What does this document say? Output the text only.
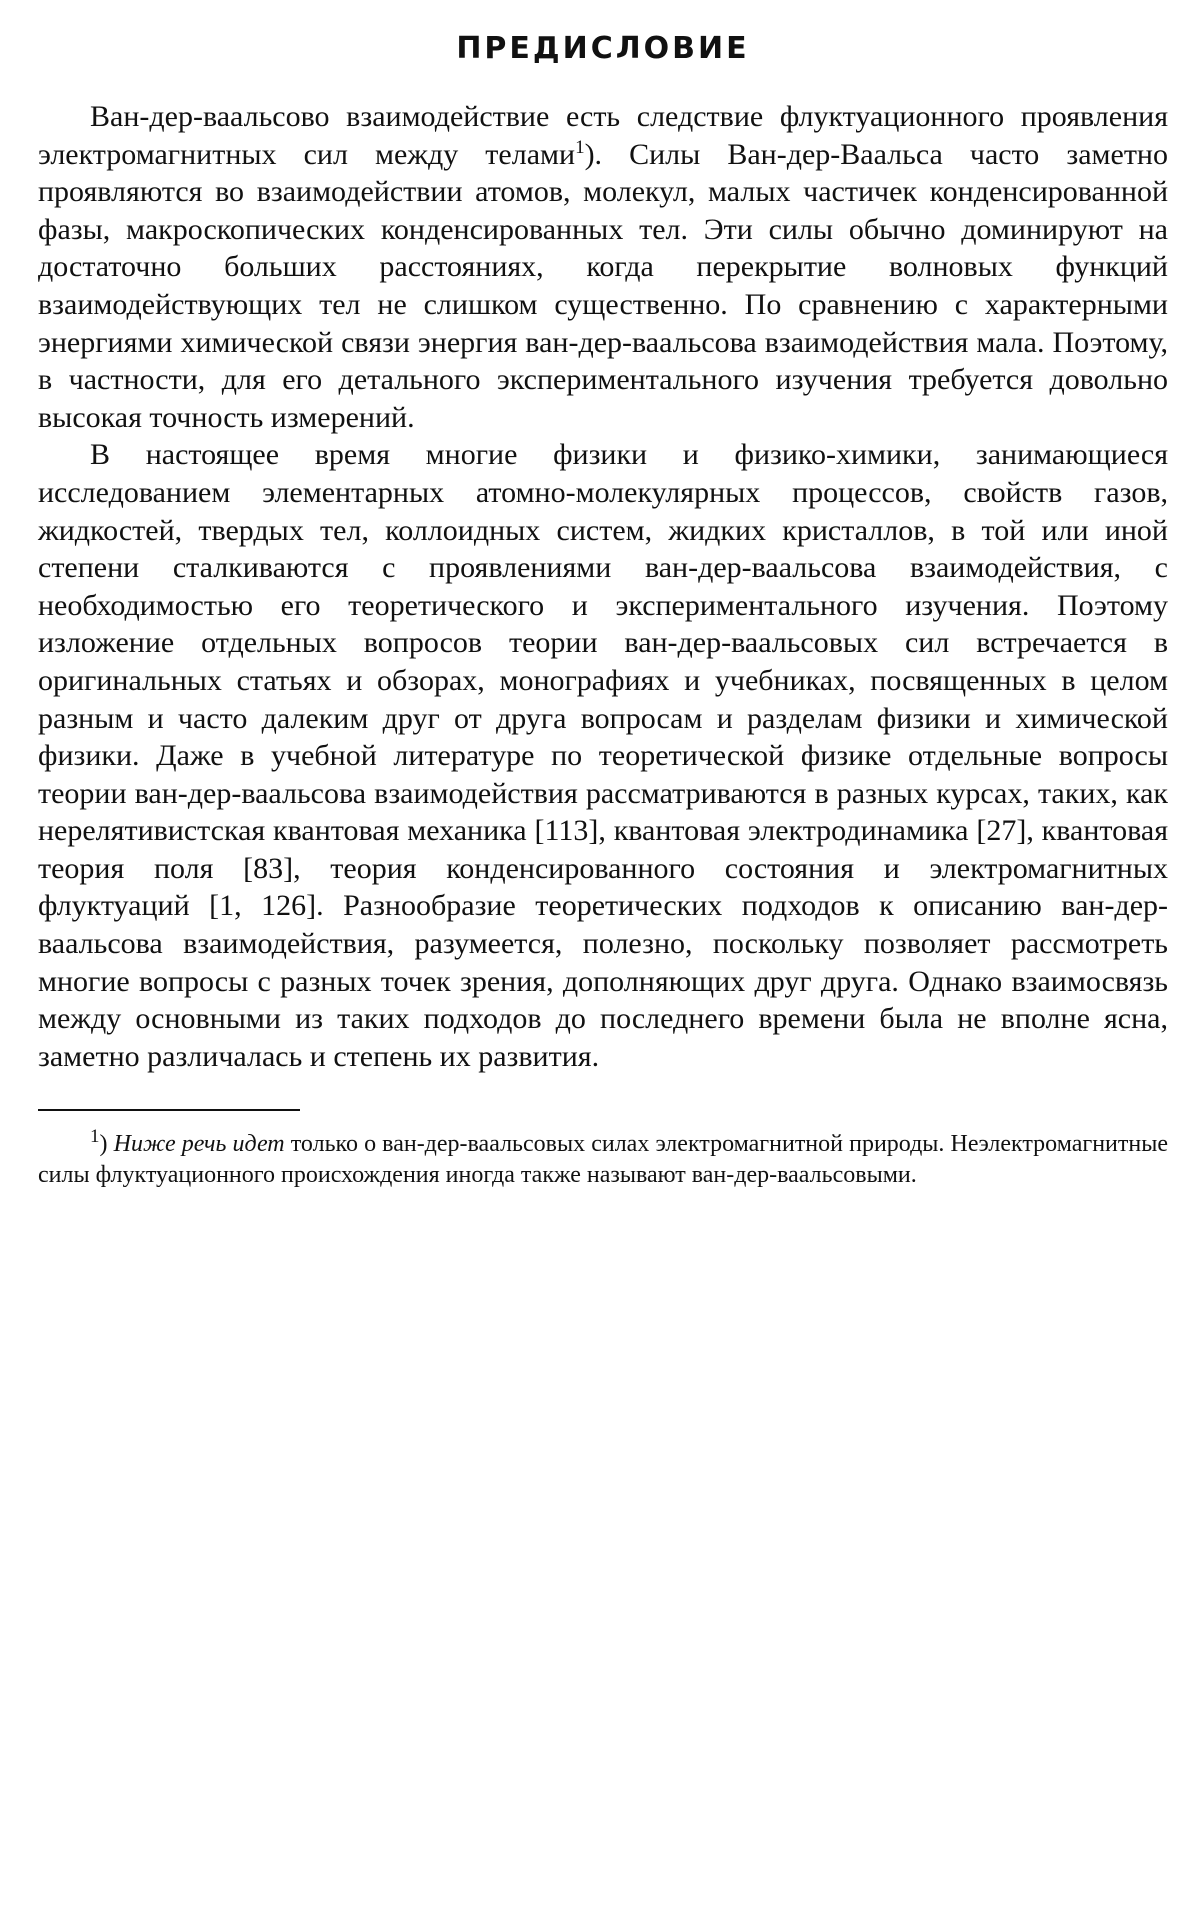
ПРЕДИСЛОВИЕ

Ван-дер-ваальсово взаимодействие есть следствие флуктуационного проявления электромагнитных сил между телами$^1$). Силы Ван-дер-Ваальса часто заметно проявляются во взаимодействии атомов, молекул, малых частичек конденсированной фазы, макроскопических конденсированных тел. Эти силы обычно доминируют на достаточно больших расстояниях, когда перекрытие волновых функций взаимодействующих тел не слишком существенно. По сравнению с характерными энергиями химической связи энергия ван-дер-ваальсова взаимодействия мала. Поэтому, в частности, для его детального экспериментального изучения требуется довольно высокая точность измерений.

В настоящее время многие физики и физико-химики, занимающиеся исследованием элементарных атомно-молекулярных процессов, свойств газов, жидкостей, твердых тел, коллоидных систем, жидких кристаллов, в той или иной степени сталкиваются с проявлениями ван-дер-ваальсова взаимодействия, с необходимостью его теоретического и экспериментального изучения. Поэтому изложение отдельных вопросов теории ван-дер-ваальсовых сил встречается в оригинальных статьях и обзорах, монографиях и учебниках, посвященных в целом разным и часто далеким друг от друга вопросам и разделам физики и химической физики. Даже в учебной литературе по теоретической физике отдельные вопросы теории ван-дер-ваальсова взаимодействия рассматриваются в разных курсах, таких, как нерелятивистская квантовая механика [113], квантовая электродинамика [27], квантовая теория поля [83], теория конденсированного состояния и электромагнитных флуктуаций [1, 126]. Разнообразие теоретических подходов к описанию ван-дер-ваальсова взаимодействия, разумеется, полезно, поскольку позволяет рассмотреть многие вопросы с разных точек зрения, дополняющих друг друга. Однако взаимосвязь между основными из таких подходов до последнего времени была не вполне ясна, заметно различалась и степень их развития.

$^1$) Ниже речь идет только о ван-дер-ваальсовых силах электромагнитной природы. Неэлектромагнитные силы флуктуационного происхождения иногда также называют ван-дер-ваальсовыми.
